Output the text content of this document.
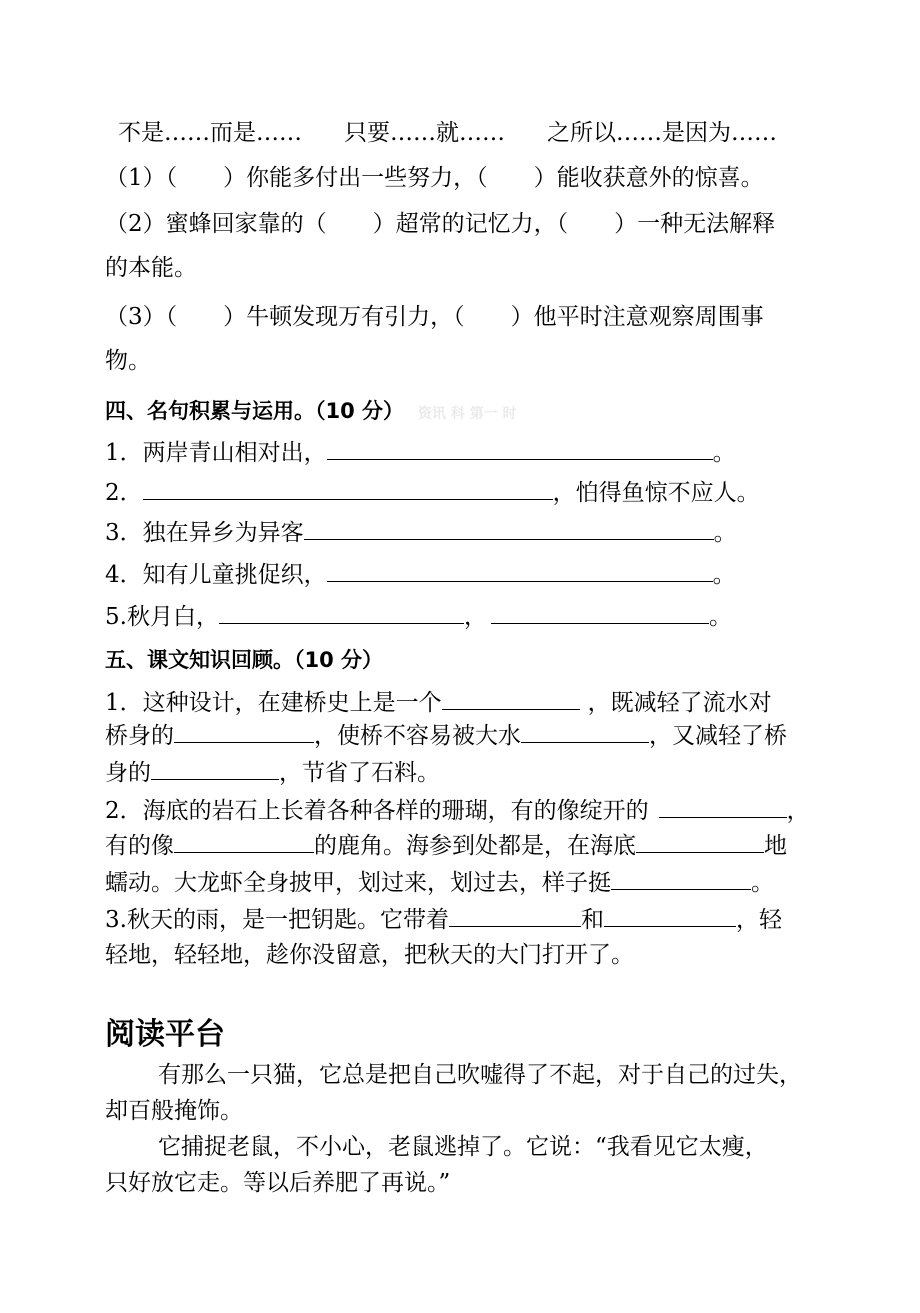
不是……而是…… 只要……就…… 之所以……是因为……
（1）（ ）你能多付出一些努力，（ ）能收获意外的惊喜。
（2）蜜蜂回家靠的（ ）超常的记忆力，（ ）一种无法解释
的本能。
（3）（ ）牛顿发现万有引力，（ ）他平时注意观察周围事
物。
四、名句积累与运用。（10 分） 资讯 科 第一 时
1．两岸青山相对出，	。
2．	，怕得鱼惊不应人。
3．独在异乡为异客	。
4．知有儿童挑促织，	。
5.秋月白，	，	。
五、课文知识回顾。（10 分）
1．这种设计，在建桥史上是一个	，既减轻了流水对
桥身的	，使桥不容易被大水	，又减轻了桥
身的	，节省了石料。
2．海底的岩石上长着各种各样的珊瑚，有的像绽开的	，
有的像	的鹿角。海参到处都是，在海底	地
蠕动。大龙虾全身披甲，划过来，划过去，样子挺	。
3.秋天的雨，是一把钥匙。它带着	和	，轻
轻地，轻轻地，趁你没留意，把秋天的大门打开了。
阅读平台
有那么一只猫，它总是把自己吹嘘得了不起，对于自己的过失，
却百般掩饰。
它捕捉老鼠，不小心，老鼠逃掉了。它说：“我看见它太瘦，
只好放它走。等以后养肥了再说。”
